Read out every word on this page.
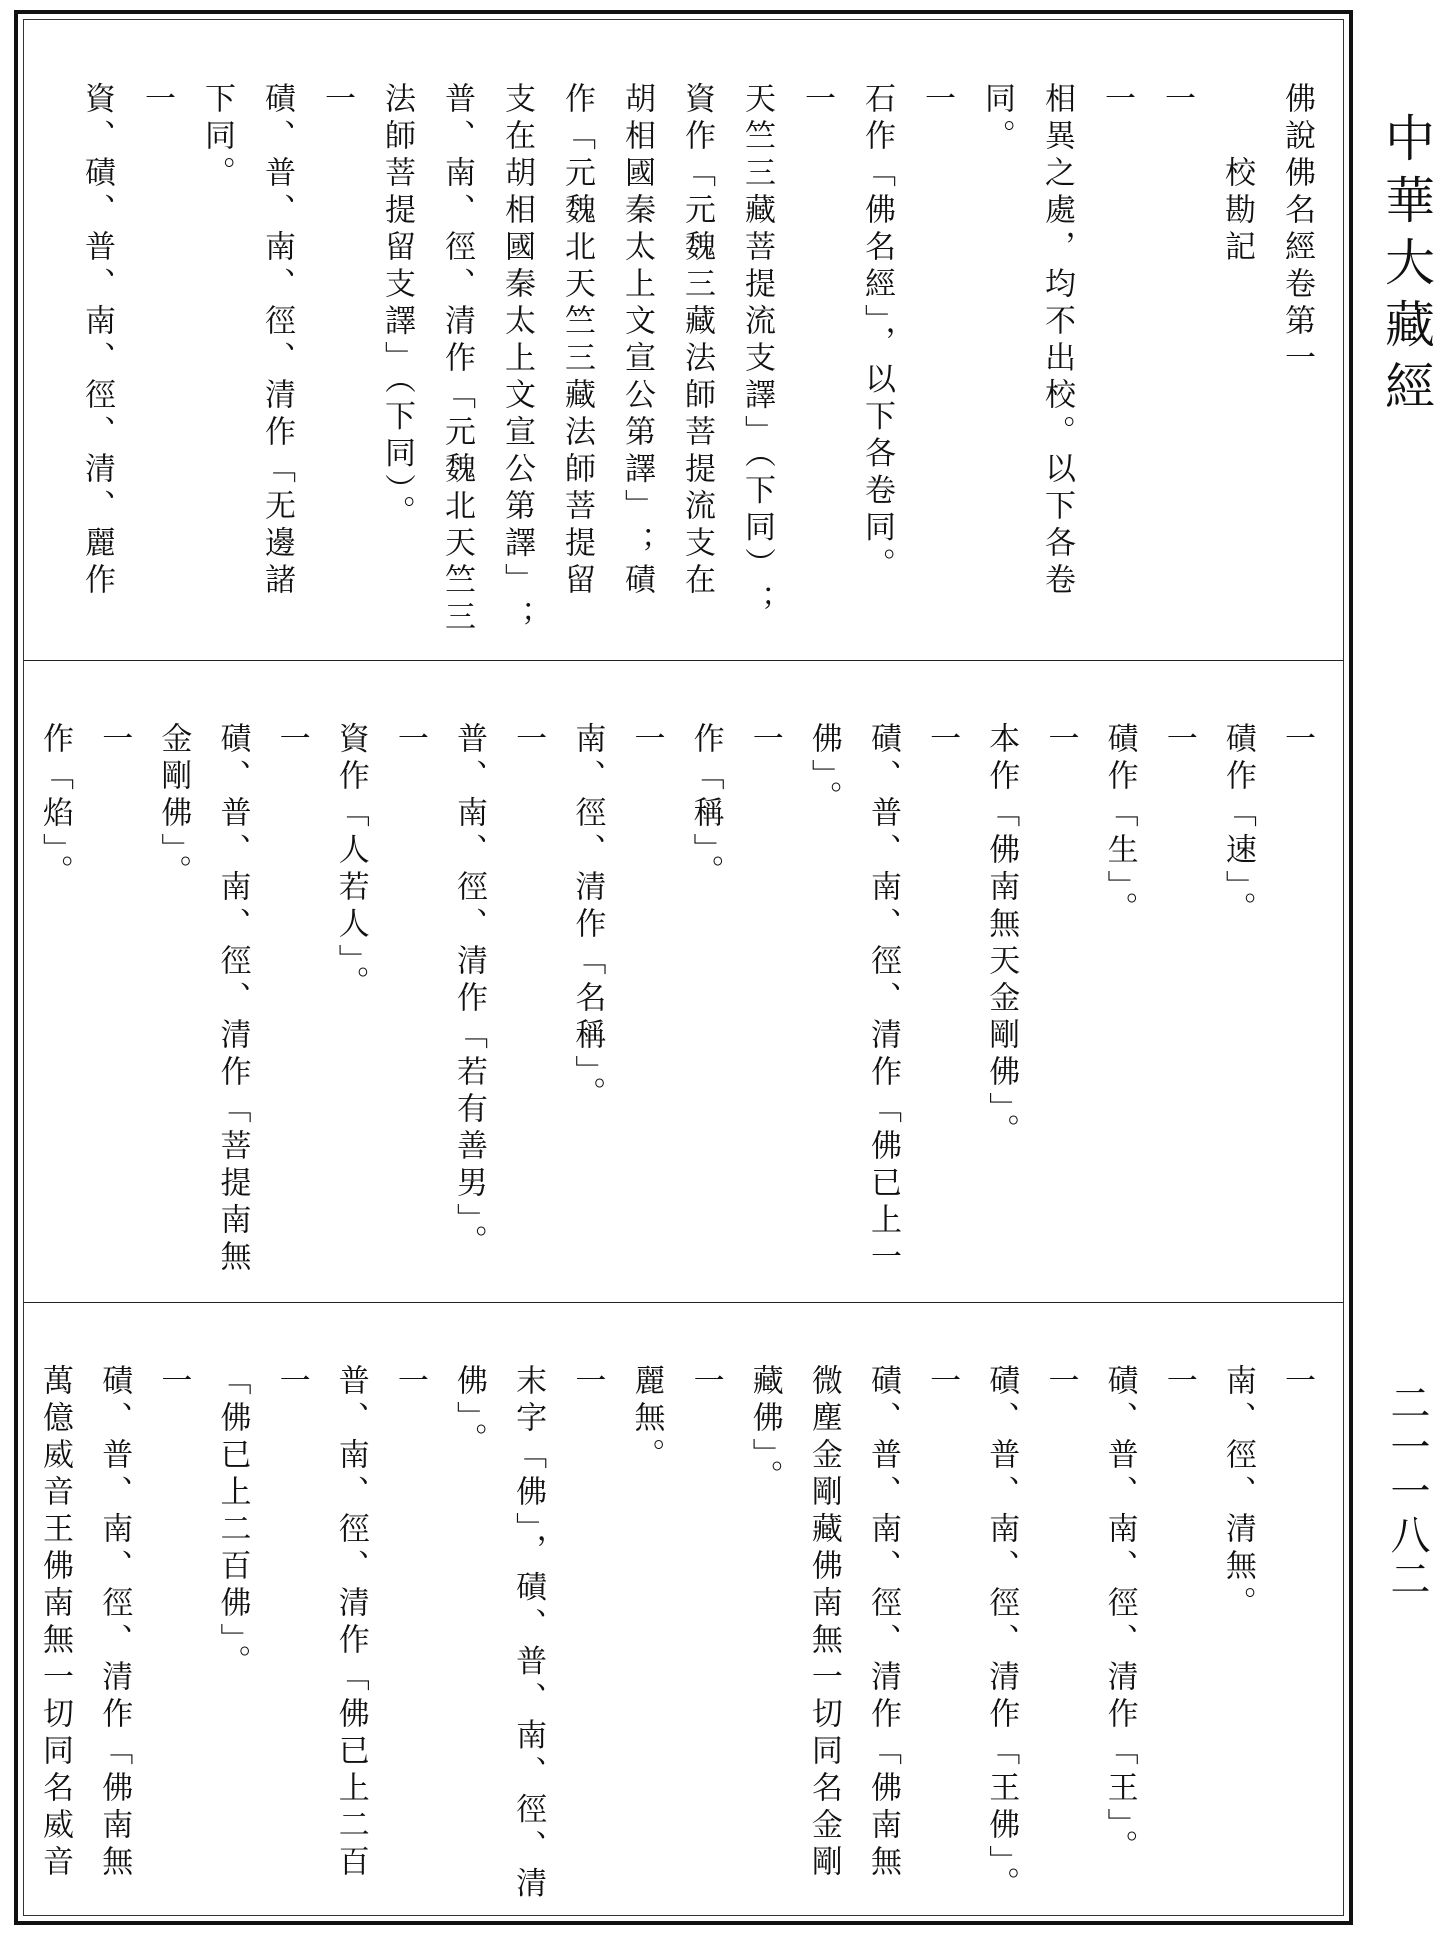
佛說佛名經卷第一
　　校勘記
一
一
相異之處，均不出校。以下各卷
同。
一
石作「佛名經」，以下各卷同。
一
天竺三藏菩提流支譯」（下同）；
資作「元魏三藏法師菩提流支在
胡相國秦太上文宣公第譯」；磧
作「元魏北天竺三藏法師菩提留
支在胡相國秦太上文宣公第譯」；
普、南、徑、清作「元魏北天竺三
法師菩提留支譯」（下同）。
一
磧、普、南、徑、清作「无邊諸
下同。
一
資、磧、普、南、徑、清、麗作
一
磧作「速」。
一
磧作「生」。
一
本作「佛南無天金剛佛」。
一
磧、普、南、徑、清作「佛已上一
佛」。
一
作「稱」。
一
南、徑、清作「名稱」。
一
普、南、徑、清作「若有善男」。
一
資作「人若人」。
一
磧、普、南、徑、清作「菩提南無
金剛佛」。
一
作「焰」。
一
南、徑、清無。
一
磧、普、南、徑、清作「王」。
一
磧、普、南、徑、清作「王佛」。
一
磧、普、南、徑、清作「佛南無
微塵金剛藏佛南無一切同名金剛
藏佛」。
一
麗無。
一
末字「佛」，磧、普、南、徑、清
佛」。
一
普、南、徑、清作「佛已上二百
一
「佛已上二百佛」。
一
磧、普、南、徑、清作「佛南無
萬億威音王佛南無一切同名威音
中華大藏經
二一一八二
